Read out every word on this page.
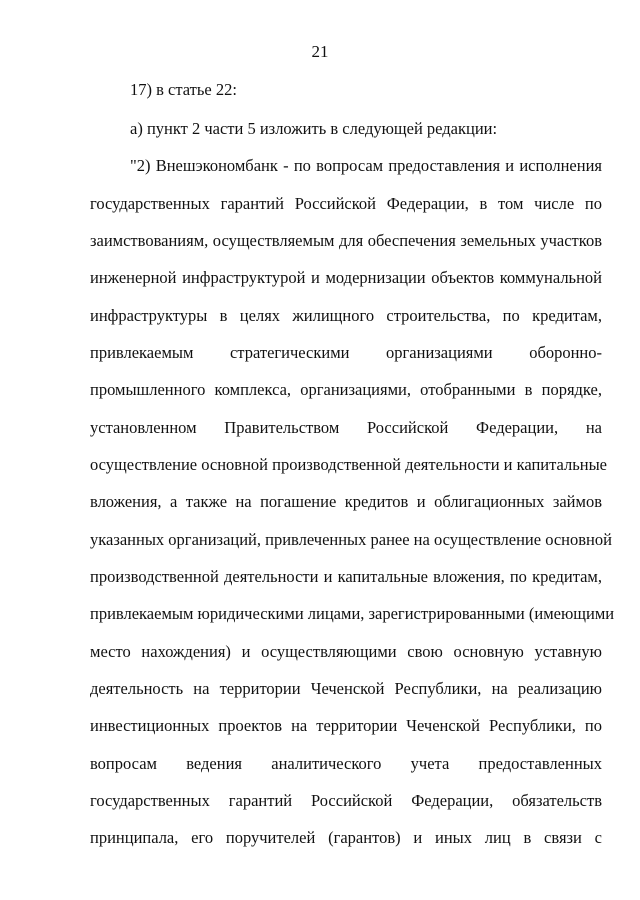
21
17) в статье 22:
а) пункт 2 части 5 изложить в следующей редакции:
"2) Внешэкономбанк - по вопросам предоставления и исполнения
государственных гарантий Российской Федерации, в том числе по
заимствованиям, осуществляемым для обеспечения земельных участков
инженерной инфраструктурой и модернизации объектов коммунальной
инфраструктуры в целях жилищного строительства, по кредитам,
привлекаемым стратегическими организациями оборонно-
промышленного комплекса, организациями, отобранными в порядке,
установленном Правительством Российской Федерации, на
осуществление основной производственной деятельности и капитальные
вложения, а также на погашение кредитов и облигационных займов
указанных организаций, привлеченных ранее на осуществление основной
производственной деятельности и капитальные вложения, по кредитам,
привлекаемым юридическими лицами, зарегистрированными (имеющими
место нахождения) и осуществляющими свою основную уставную
деятельность на территории Чеченской Республики, на реализацию
инвестиционных проектов на территории Чеченской Республики, по
вопросам ведения аналитического учета предоставленных
государственных гарантий Российской Федерации, обязательств
принципала, его поручителей (гарантов) и иных лиц в связи с
